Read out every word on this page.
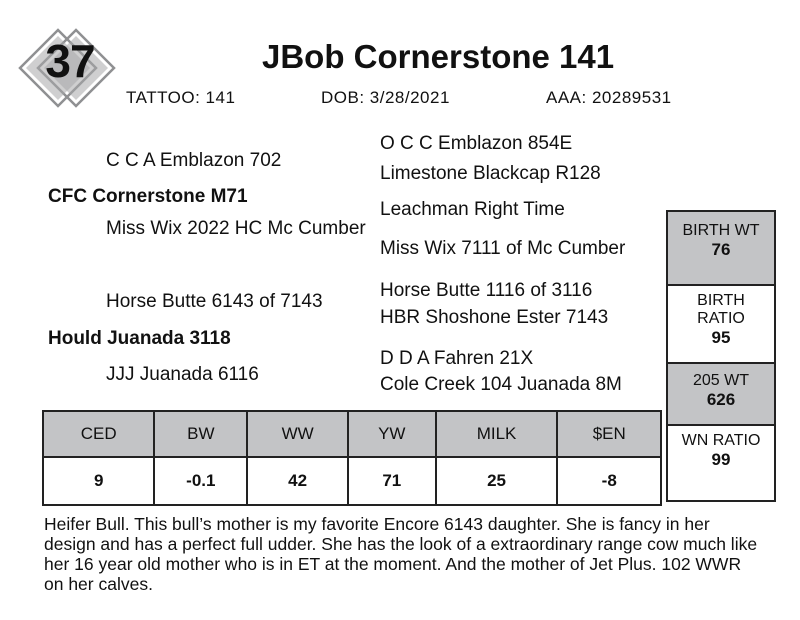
37	JBob Cornerstone 141
TATTOO: 141	DOB: 3/28/2021	AAA: 20289531
C C A Emblazon 702
CFC Cornerstone M71
Miss Wix 2022 HC Mc Cumber
Horse Butte 6143 of 7143
Hould Juanada 3118
JJJ Juanada 6116
O C C Emblazon 854E
Limestone Blackcap R128
Leachman Right Time
Miss Wix 7111 of Mc Cumber
Horse Butte 1116 of 3116
HBR Shoshone Ester 7143
D D A Fahren 21X
Cole Creek 104 Juanada 8M
BIRTH WT
76
BIRTH
RATIO
95
205 WT
626
WN RATIO
99
CED	BW	WW	YW	MILK	$EN
9	-0.1	42	71	25	-8
Heifer Bull. This bull’s mother is my favorite Encore 6143 daughter. She is fancy in her design and has a perfect full udder. She has the look of a extraordinary range cow much like her 16 year old mother who is in ET at the moment. And the mother of Jet Plus. 102 WWR on her calves.
